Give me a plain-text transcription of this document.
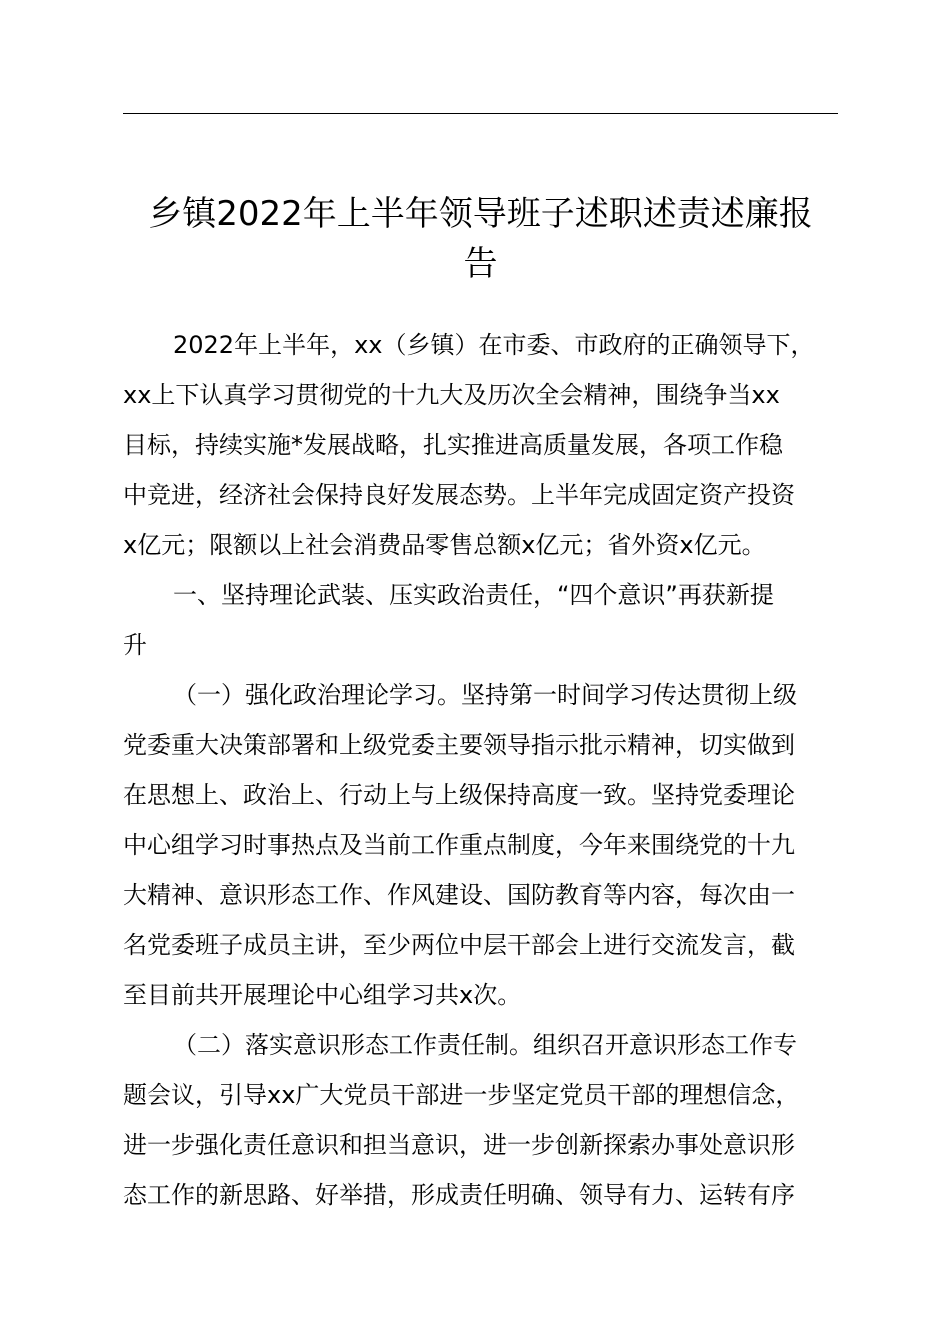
乡镇2022年上半年领导班子述职述责述廉报
告

2022年上半年，xx（乡镇）在市委、市政府的正确领导下，
xx上下认真学习贯彻党的十九大及历次全会精神，围绕争当xx
目标，持续实施*发展战略，扎实推进高质量发展，各项工作稳
中竞进，经济社会保持良好发展态势。上半年完成固定资产投资
x亿元；限额以上社会消费品零售总额x亿元；省外资x亿元。

一、坚持理论武装、压实政治责任，“四个意识”再获新提
升

（一）强化政治理论学习。坚持第一时间学习传达贯彻上级
党委重大决策部署和上级党委主要领导指示批示精神，切实做到
在思想上、政治上、行动上与上级保持高度一致。坚持党委理论
中心组学习时事热点及当前工作重点制度，今年来围绕党的十九
大精神、意识形态工作、作风建设、国防教育等内容，每次由一
名党委班子成员主讲，至少两位中层干部会上进行交流发言，截
至目前共开展理论中心组学习共x次。

（二）落实意识形态工作责任制。组织召开意识形态工作专
题会议，引导xx广大党员干部进一步坚定党员干部的理想信念，
进一步强化责任意识和担当意识，进一步创新探索办事处意识形
态工作的新思路、好举措，形成责任明确、领导有力、运转有序
